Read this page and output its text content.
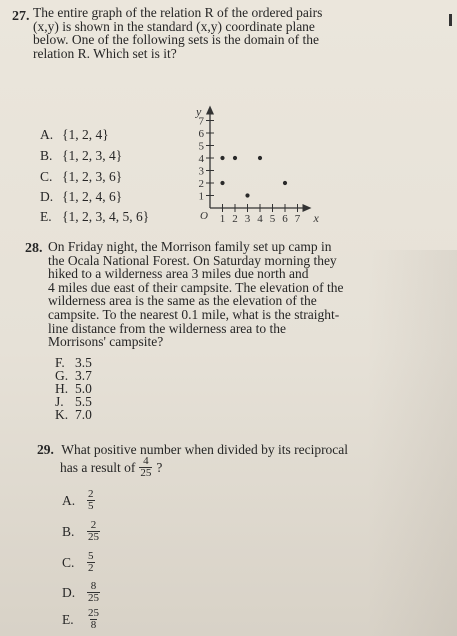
27. The entire graph of the relation R of the ordered pairs
(x,y) is shown in the standard (x,y) coordinate plane
below. One of the following sets is the domain of the
relation R. Which set is it?
A. {1, 2, 4}
B. {1, 2, 3, 4}
C. {1, 2, 3, 6}
D. {1, 2, 4, 6}
E. {1, 2, 3, 4, 5, 6}
1
2
3
4
5
6
7
1 2 3 4 5 6 7
y
x
O
28. On Friday night, the Morrison family set up camp in
the Ocala National Forest. On Saturday morning they
hiked to a wilderness area 3 miles due north and
4 miles due east of their campsite. The elevation of the
wilderness area is the same as the elevation of the
campsite. To the nearest 0.1 mile, what is the straight-
line distance from the wilderness area to the
Morrisons' campsite?
F. 3.5
G. 3.7
H. 5.0
J. 5.5
K. 7.0
29. What positive number when divided by its reciprocal
has a result of $\frac{4}{25}$ ?
A.	$\frac{2}{5}$
B.	$\frac{2}{25}$
C.	$\frac{5}{2}$
D.	$\frac{8}{25}$
E.	$\frac{25}{8}$
